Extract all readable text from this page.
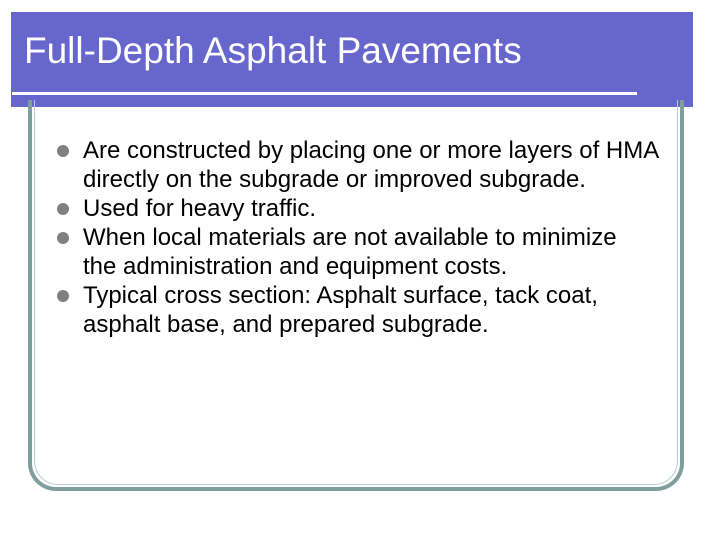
Full-Depth Asphalt Pavements
Are constructed by placing one or more layers of HMA directly on the subgrade or improved subgrade.
Used for heavy traffic.
When local materials are not available to minimize the administration and equipment costs.
Typical cross section: Asphalt surface, tack coat, asphalt base, and prepared subgrade.
